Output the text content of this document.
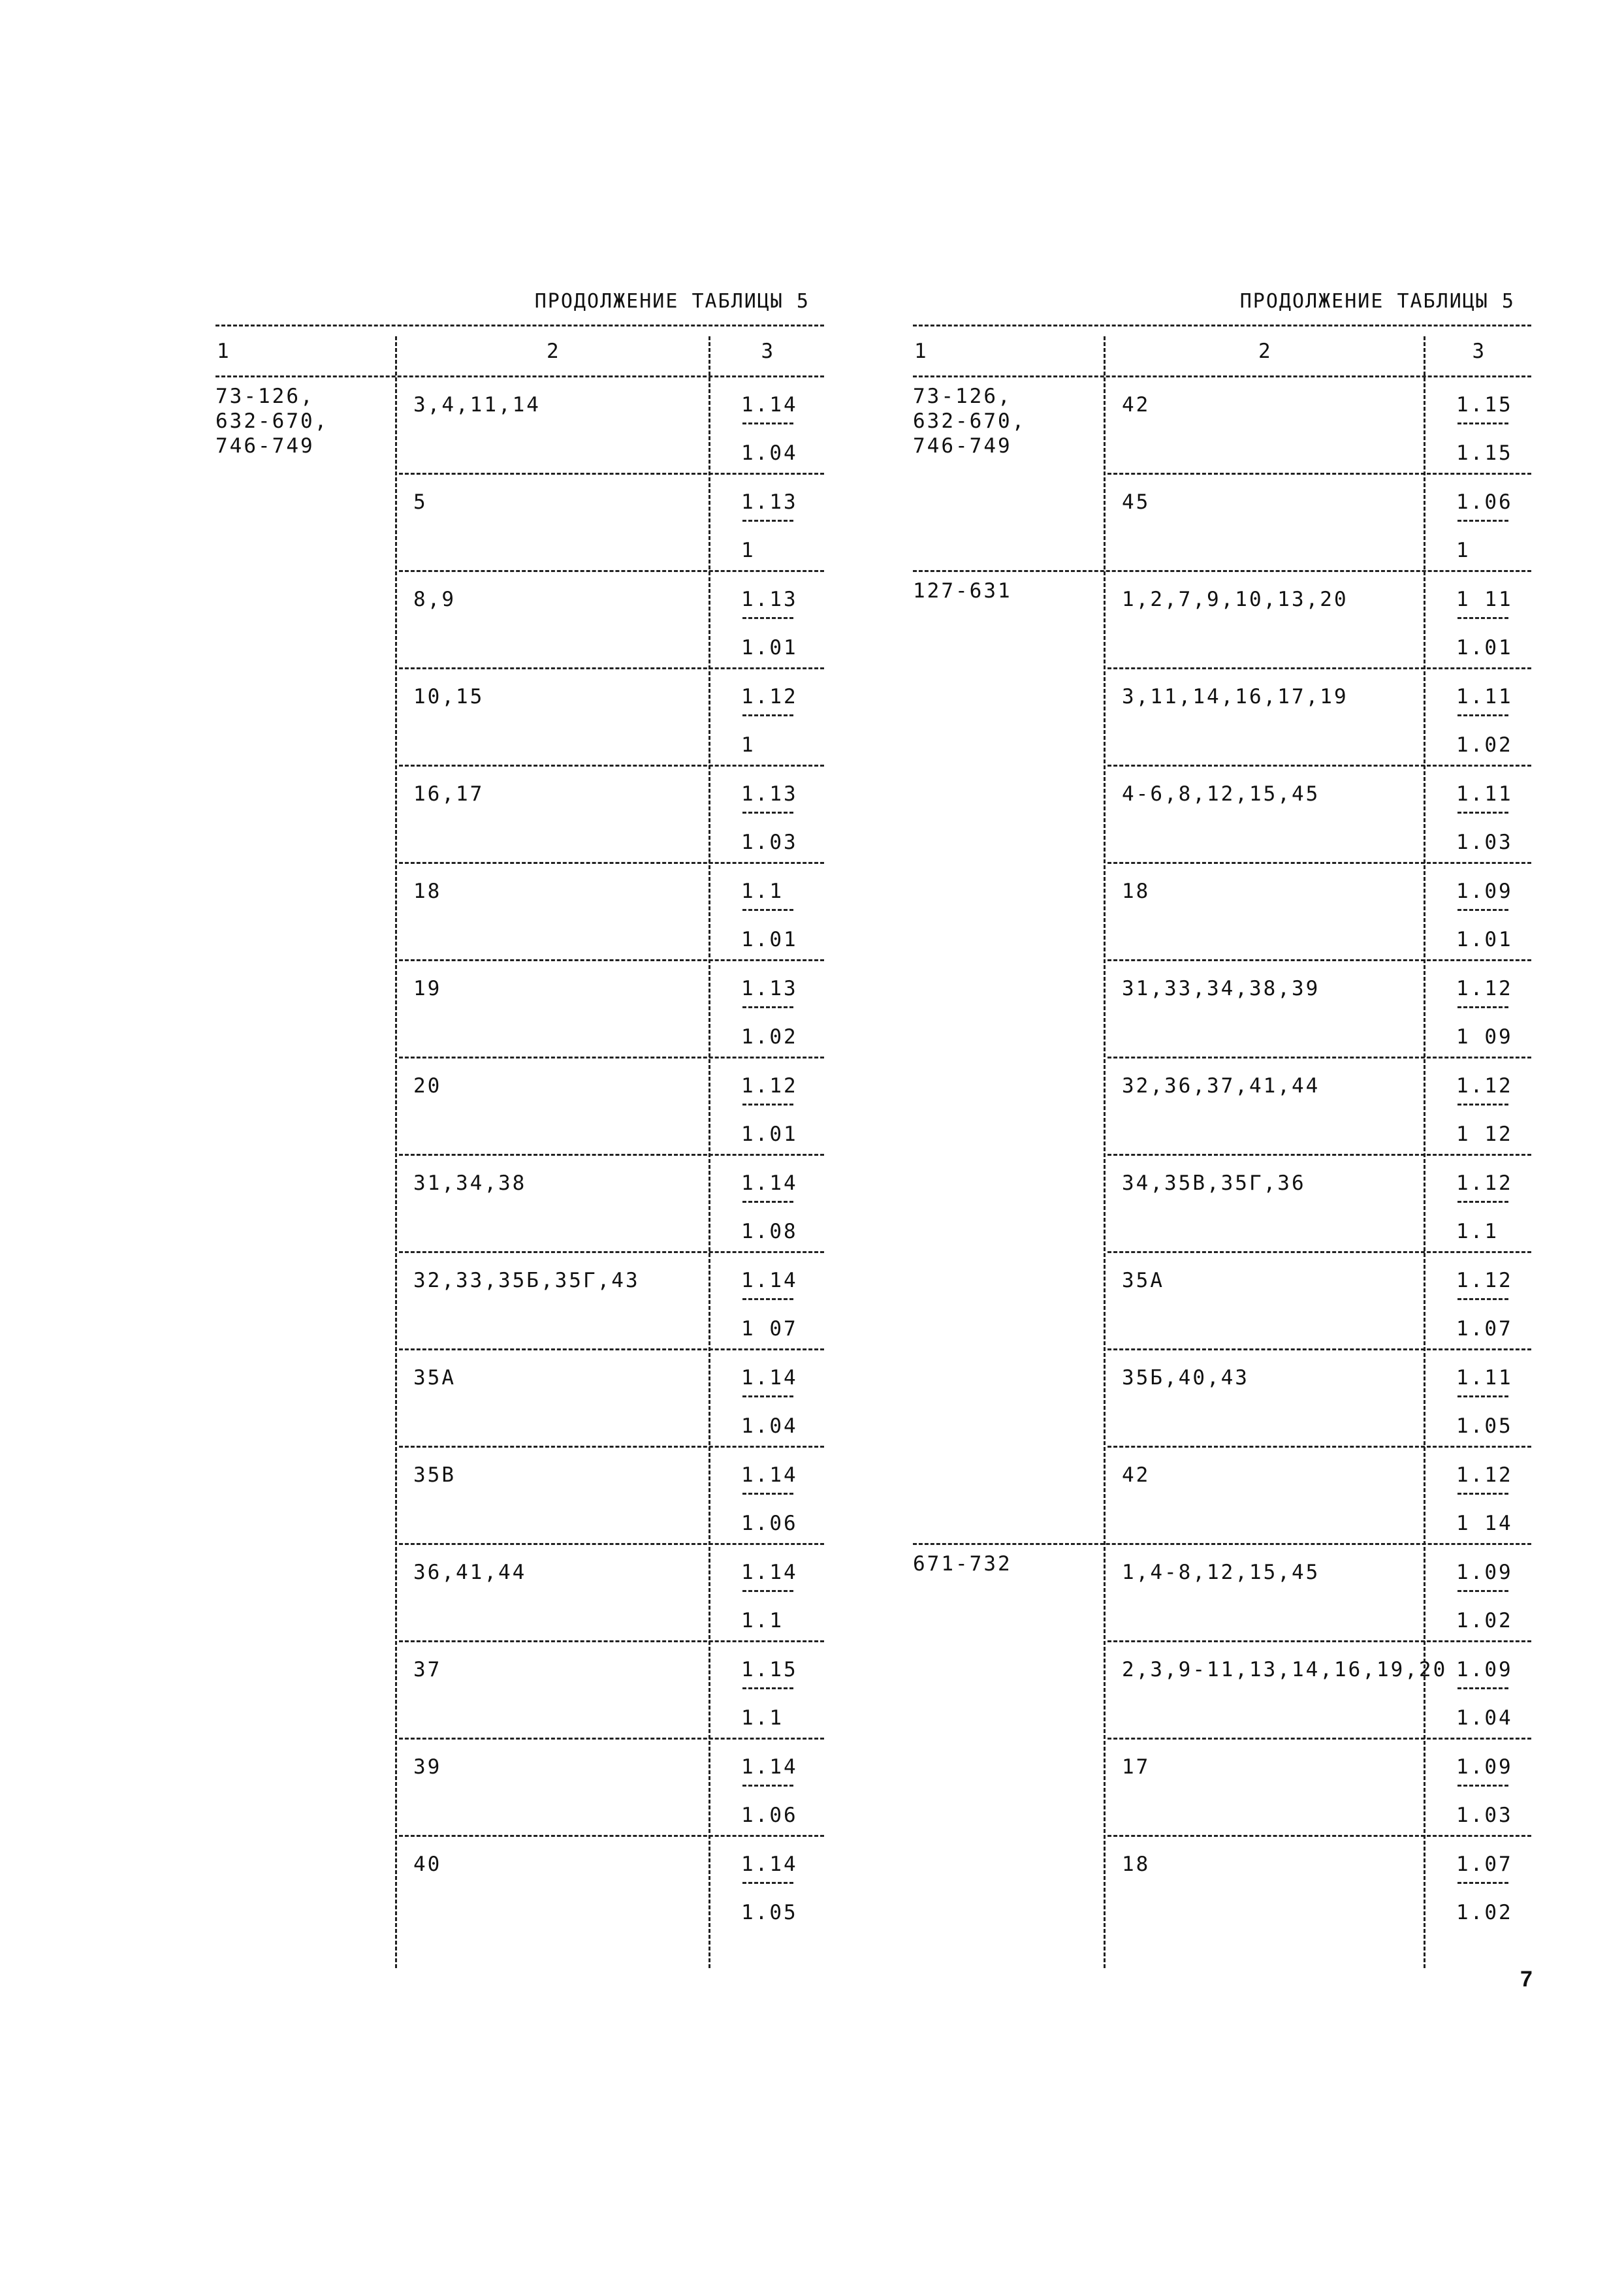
ПРОДОЛЖЕНИЕ ТАБЛИЦЫ 5
1	2	3
73-126,
632-670,
746-749
3,4,11,14	1.14
1.04
5	1.13
1
8,9	1.13
1.01
10,15	1.12
1
16,17	1.13
1.03
18	1.1
1.01
19	1.13
1.02
20	1.12
1.01
31,34,38	1.14
1.08
32,33,35Б,35Г,43	1.14
1 07
35А	1.14
1.04
35В	1.14
1.06
36,41,44	1.14
1.1
37	1.15
1.1
39	1.14
1.06
40	1.14
1.05
ПРОДОЛЖЕНИЕ ТАБЛИЦЫ 5
1	2	3
73-126,
632-670,
746-749
42	1.15
1.15
45	1.06
1
127-631	1,2,7,9,10,13,20	1 11
1.01
3,11,14,16,17,19	1.11
1.02
4-6,8,12,15,45	1.11
1.03
18	1.09
1.01
31,33,34,38,39	1.12
1 09
32,36,37,41,44	1.12
1 12
34,35В,35Г,36	1.12
1.1
35А	1.12
1.07
35Б,40,43	1.11
1.05
42	1.12
1 14
671-732	1,4-8,12,15,45	1.09
1.02
2,3,9-11,13,14,16,19,20 1.09
1.04
17	1.09
1.03
18	1.07
1.02
7
